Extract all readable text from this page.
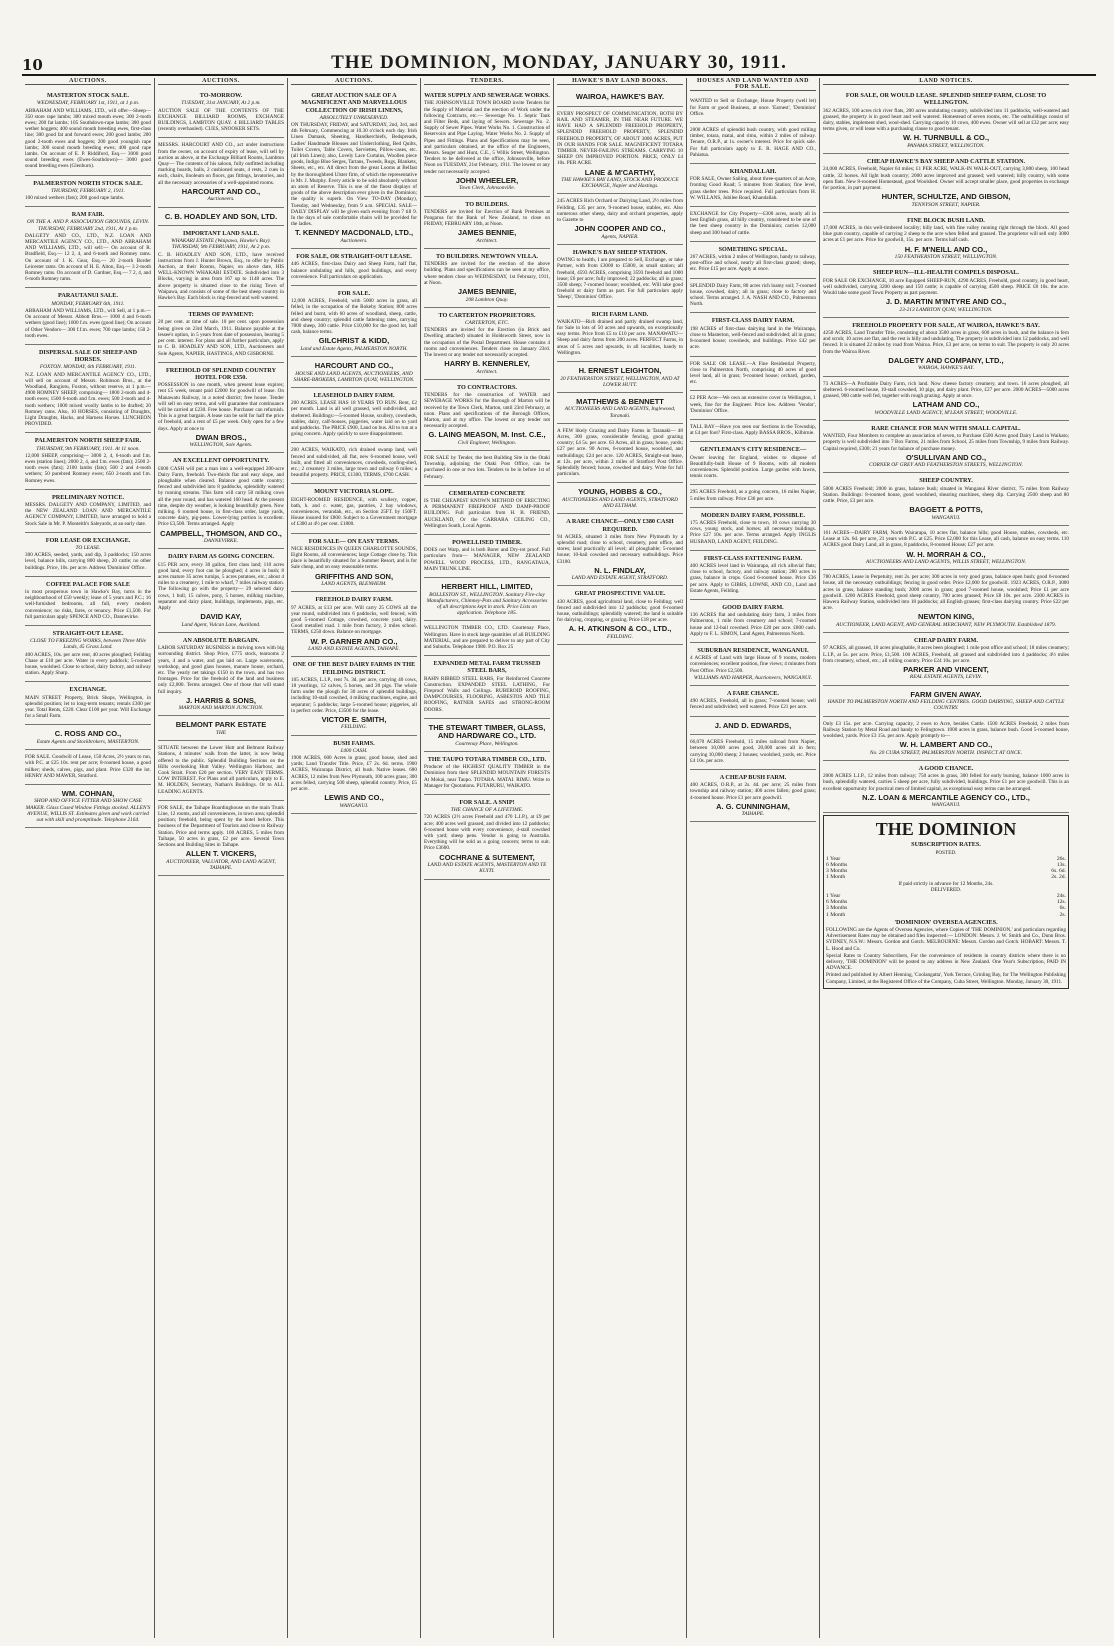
10	THE DOMINION, MONDAY, JANUARY 30, 1911.
AUCTIONS.
MASTERTON STOCK SALE.
WEDNESDAY, FEBRUARY 1st, 1911, at 1 p.m.
ABRAHAM AND WILLIAMS, LTD., will offer—Sheep— 350 store rape lambs; 300 mixed mouth ewes; 300 2-tooth ewes; 200 fat lambs; 105 Southdown-rape lambs; 300 good wether hoggets; 400 sound mouth breeding ewes, first-class line; 300 good fat and forward ewes; 200 good lambs; 200 good 2-tooth ewes and hoggets; 200 good youngish rape lambs; 300 sound mouth breeding ewes; 400 good rape lambs. On account of E. P. Riddiford, Esq.— 3000 good sound breeding ewes (Ewes-Southdown)— 3000 good sound breeding ewes (Glenburn).
PALMERSTON NORTH STOCK SALE.
THURSDAY, FEBRUARY 2, 1911.
100 mixed wethers (fats); 200 good rape lambs.
RAM FAIR.
ON THE A. AND P. ASSOCIATION GROUNDS, LEVIN. THURSDAY, FEBRUARY 2nd, 1911, At 1 p.m.
DALGETY AND CO., LTD., N.Z. LOAN AND MERCANTILE AGENCY CO., LTD., AND ABRAHAM AND WILLIAMS, LTD., will sell:— On account of R. Bradfield, Esq.— 12 2, 4, and 6-tooth and Romney rams. On account of J. K. Gear, Esq.— 20 2-tooth Border Leicester rams. On account of H. E. Alton, Esq.— 3 2-tooth Romney rams. On account of D. Gardner, Esq.— 7 2, 4, and 6-tooth Romney rams.
PARAUTANUI SALE.
MONDAY, FEBRUARY 6th, 1911.
ABRAHAM AND WILLIAMS, LTD., will Sell, at 1 p.m.— On account of Messrs. Abbott Bros.— 1000 4 and 6-tooth wethers (good line); 1000 f.m. ewes (good line); On account of Other Vendors— 300 f.f.m. ewes; 700 rape lambs; 150 2-tooth ewes.
DISPERSAL SALE OF SHEEP AND HORSES.
FOXTON. MONDAY, 6th FEBRUARY, 1911.
N.Z. LOAN AND MERCANTILE AGENCY CO., LTD., will sell on account of Messrs. Robinson Bros., at the Woodland, Rangiotu, Foxton, without reserve, at 1 p.m.— 4900 ROMNEY SHEEP, comprising— 1800 2-tooth and 4-tooth ewes; 1500 6-tooth and f.m. ewes; 500 2-tooth and 4-tooth wethers; 1000 mixed woolly lambs to be drafted; 20 Romney rams. Also, 10 HORSES, consisting of Draughts, Light Draughts, Hacks, and Harness Horses. LUNCHEON PROVIDED.
PALMERSTON NORTH SHEEP FAIR.
THURSDAY, 9th FEBRUARY, 1911. At 11 noon.
12,000 SHEEP, comprising— 3000 2, 4, 6-tooth and f.m. ewes (station lines); 2000 2, 4, and f.m. ewes (fats); 2500 2-tooth ewes (fats); 2100 lambs (fats); 500 2 and 4-tooth wethers; 50 purebred Romney ewes; 650 2-tooth and f.m. Romney ewes.
PRELIMINARY NOTICE.
MESSRS. DALGETY AND COMPANY, LIMITED, and the NEW ZEALAND LOAN AND MERCANTILE AGENCY COMPANY, LIMITED, have arranged to hold a Stock Sale in Mr. P. Monteith's Saleyards, at an early date.
FOR LEASE OR EXCHANGE.
TO LEASE.
300 ACRES, seeded, yards, and dip, 3 paddocks; 150 acres level, balance hills, carrying 800 sheep, 20 cattle; no other buildings. Price, 10s. per acre. Address 'Dominion' Office.
COFFEE PALACE FOR SALE
in most prosperous town in Hawke's Bay, turns in the neighbourhood of £50 weekly; lease of 5 years and P.C.; 16 well-furnished bedrooms, all full, every modern convenience; no risks, fares, or tenancy. Price £1,500. For full particulars apply SPENCE AND CO., Dannevirke.
STRAIGHT-OUT LEASE.
CLOSE TO FREEZING WORKS, between Three Mile Lands, 45 Grass Land.
400 ACRES, 10s. per acre rent, 40 acres ploughed; Feilding Chase at £10 per acre. Water in every paddock; 5-roomed house, woolshed. Close to school, dairy factory, and railway station. Apply Sharp.
EXCHANGE.
MAIN STREET Property, Brick Shops, Wellington, in splendid position; let to long-term tenants; rentals £300 per year. Total Rents, £220. Clear £100 per year. Will Exchange for a Small Farm.
C. ROSS AND CO.,
Estate Agents and Stockbrokers, MASTERTON.
FOR SALE. Goodwill of Lease, 150 Acres, 2½ years to run, with P.C. at £25 10s. rent per acre; 8-roomed house, a good milker; sheds, calves, pigs, and plant. Price £320 the lot. HENRY AND MAWER, Stratford.
WM. COHNAN,
SHOP AND OFFICE FITTER AND SHOW CASE MAKER. Glass Cased Window Fittings stocked. ALLEN'S AVENUE, WILLIS ST. Estimates given and work carried out with skill and promptitude. Telephone 2164.
AUCTIONS.
TO-MORROW.
TUESDAY, 31st JANUARY, At 2 p.m.
AUCTION SALE OF THE CONTENTS OF THE EXCHANGE BILLIARD ROOMS, EXCHANGE BUILDINGS, LAMBTON QUAY. 4 BILLIARD TABLES (recently overhauled). CUES, SNOOKER SETS.
MESSRS. HARCOURT AND CO., act under instructions from the owner, on account of expiry of lease, will sell by auction as above, at the Exchange Billiard Rooms, Lambton Quay— The contents of his saloon, fully outfitted including marking boards, balls, 2 cushioned seats, 4 rests, 2 cues in each, chairs, linoleum on floors, gas fittings, lavatories, and all the necessary accessories of a well-appointed rooms.
HARCOURT AND CO.,
Auctioneers.
C. B. HOADLEY AND SON, LTD.
IMPORTANT LAND SALE.
WHAKARI ESTATE (Waipawa, Hawke's Bay). THURSDAY, 9th FEBRUARY, 1911, At 2 p.m.
C. B. HOADLEY AND SON, LTD., have received instructions from J. Hunter Brown, Esq., to offer by Public Auction, at their Rooms, Napier, on above date, HIS WELL-KNOWN WHAKARI ESTATE. Subdivided into 3 Blocks, varying in area from 167 up to 1148 acres. The above property is situated close to the rising Town of Waipawa, and consists of some of the best sheep country in Hawke's Bay. Each block is ring-fenced and well watered.
TERMS OF PAYMENT:
20 per cent. at time of sale. 10 per cent. upon possession being given on 23rd March, 1911. Balance payable at the lessee's option, in 5 years from date of possession, bearing 5 per cent. interest. For plans and all further particulars, apply to C. B. HOADLEY AND SON, LTD., Auctioneers and Sole Agents, NAPIER, HASTINGS, AND GISBORNE.
FREEHOLD OF SPLENDID COUNTRY HOTEL FOR £350.
POSSESSION in one month, when present lease expires; rent £5 week, tenant paid £2000 for goodwill of lease. On Manawatu Railway, in a noted district; free house. Tender will sell on easy terms, and will guarantee that continuance will be carried at £230. Free house. Purchaser can refurnish. This is a great bargain. A lease can be sold for half the price of freehold, and a rent of £5 per week. Only open for a few days. Apply at once to
DWAN BROS.,
WELLINGTON, Sole Agents.
AN EXCELLENT OPPORTUNITY.
£600 CASH will put a man into a well-equipped 200-acre Dairy Farm, freehold. Two-thirds flat and easy slope, and ploughable when cleared. Balance good cattle country; fenced and subdivided into 8 paddocks, splendidly watered by running streams. This farm will carry 50 milking cows all the year round, and has watered 160 head. At the present time, despite dry weather, is looking beautifully green. Now milking. 6 roomed house, in first-class order, large yards, concrete dairy, pig-pens. Lower-lying portion is excellent. Price £3,500. Terms arranged. Apply
CAMPBELL, THOMSON, AND CO.,
DANNEVIRKE.
DAIRY FARM AS GOING CONCERN.
£15 PER acre, every 30 gallon, first class land; 110 acres good land, every foot can be ploughed; 4 acres in bush; 8 acres mature 35 acres turnips, 5 acres potatoes, etc.; about 4 miles to a creamery, 1 mile to wharf, 7 miles railway station. The following go with the property— 29 selected dairy cows, 1 bull, 15 calves, pony, 5 horses, milking machine, separator and dairy plant, buildings, implements, pigs, etc. Apply
DAVID KAY,
Land Agent, Vulcan Lane, Auckland.
AN ABSOLUTE BARGAIN.
LABOR SATURDAY BUSINESS in thriving town with big surrounding district. Shop Price, £775 stock, tearooms 2 years, 4 and a water, and gas laid on. Large warerooms, workshop, and good glass houses, manure house, orchard, etc. The yearly net takings £150 in the town, and has two frontages. Price for the freehold of the land and business only £2,000. Terms arranged. One of those that will stand full inquiry.
J. HARRIS & SONS,
MARTON AND MARTON JUNCTION.
BELMONT PARK ESTATE
THE
SITUATE between the Lower Hutt and Belmont Railway Stations, 4 minutes' walk from the latter, is now being offered to the public. Splendid Building Sections on the Hills overlooking Hutt Valley. Wellington Harbour, and Cook Strait. From £20 per section. VERY EASY TERMS. LOW INTEREST. For Plans and all particulars, apply to E. M. HOLDEN, Secretary, Nathan's Buildings. Or to ALL LEADING AGENTS.
FOR SALE, the Taihape Boardinghouse on the main Trunk Line, 12 rooms, and all conveniences, in town area; splendid position; freehold, being spent by the hotel before. This business of the Department of Tourists and close to Railway Station. Price and terms apply. 100 ACRES, 5 miles from Taihape, 50 acres in grass, £2 per acre. Several Town Sections and Building Sites in Taihape.
ALLEN T. VICKERS,
AUCTIONEER, VALUATOR, AND LAND AGENT, TAIHAPE.
AUCTIONS.
GREAT AUCTION SALE OF A MAGNIFICENT AND MARVELLOUS COLLECTION OF IRISH LINENS,
ABSOLUTELY UNRESERVED.
ON THURSDAY, FRIDAY, and SATURDAY, 2nd, 3rd, and 4th February, Commencing at 10.30 o'clock each day. Irish Linen Damask, Sheeting, Handkerchiefs, Bedspreads, Ladies' Handmade Blouses and Underclothing, Bed Quilts, Toilet Covers, Table Covers, Serviettes, Pillow-cases, etc. (all Irish Linen); also, Lovely Lace Curtains, Woollen piece goods, Indigo Blue Serges, Tartans, Tweeds, Rugs, Blankets, Sheets, etc., etc. All direct from the great Looms at Belfast by the thoroughbred Ulster firm, of which the representative is Mr. J. Murphy. Every article to be sold absolutely without an atom of Reserve. This is one of the finest displays of goods of the above description ever given in the Dominion; the quality is superb. On View TO-DAY (Monday), Tuesday, and Wednesday, from 9 a.m. SPECIAL SALE—DAILY DISPLAY will be given each evening from 7 till 9. In the days of sale comfortable chairs will be provided for the ladies.
T. KENNEDY MACDONALD, LTD.,
Auctioneers.
FOR SALE, OR STRAIGHT-OUT LEASE.
446 ACRES, first-class Dairy and Sheep Farm, half flat, balance undulating and hills, good buildings, and every convenience. Full particulars on application.
FOR SALE.
12,000 ACRES, Freehold, with 5000 acres in grass, all felled, in the occupation of the Rokeby Station; 800 acres felled and burnt, with 60 acres of woodland, sheep, cattle, and sheep country; splendid cattle fattening rates, carrying 7000 sheep, 300 cattle. Price £10,000 for the good lot, half cash, balance terms.
GILCHRIST & KIDD,
Land and Estate Agents, PALMERSTON NORTH.
HARCOURT AND CO.,
HOUSE AND LAND AGENTS, AUCTIONEERS, AND SHARE-BROKERS, LAMBTON QUAY, WELLINGTON.
LEASEHOLD DAIRY FARM.
200 ACRES, LEASE HAS 18 YEARS TO RUN. Rent, £2 per month. Land is all well grassed, well subdivided, and sheltered. Buildings:—5-roomed House, scullery, cowsheds, stables, dairy, calf-houses, piggeries, water laid on to yard and paddocks. The PRICE £900, Land on bus. All to run at a going concern. Apply quickly to save disappointment.
200 ACRES, WAIKATO, rich drained swamp land, well fenced and subdivided, all flat, new 6-roomed house, well built, and fitted all conveniences, cowsheds, cooling-shed, etc.; 2 creamery 3 miles, large town and railway 6 miles; a beautiful property. PRICE, £1300, TERMS, £700 CASH.
MOUNT VICTORIA SLOPE.
EIGHT-ROOMED RESIDENCE, with scullery, copper, bath, h. and c. water, gas, pantries, 2 bay windows, conveniences, verandah, etc., on Section 25FT. by 150FT. House insured for £800. Subject to a Government mortgage of £300 at 4½ per cent. £1800.
FOR SALE— ON EASY TERMS.
NICE RESIDENCES IN QUEEN CHARLOTTE SOUNDS, Eight Rooms, all conveniences; large Cottage close by. This place is beautifully situated for a Summer Resort, and is for Sale cheap, and on easy reasonable terms.
GRIFFITHS AND SON,
LAND AGENTS, BLENHEIM.
FREEHOLD DAIRY FARM.
97 ACRES, at £13 per acre. Will carry 25 COWS all the year round, subdivided into 6 paddocks, well fenced, with good 5-roomed Cottage, cowshed, concrete yard, dairy. Good metalled road. 1 mile from factory, 2 miles school. TERMS, £250 down. Balance on mortgage.
W. P. GARNER AND CO.,
LAND AND ESTATE AGENTS, TAIHAPE.
ONE OF THE BEST DAIRY FARMS IN THE FEILDING DISTRICT.
105 ACRES, L.I.P., rent 7s. 3d. per acre, carrying 40 cows, 18 yearlings, 12 calves, 5 horses, and 20 pigs. The whole farm under the plough for 30 acres of splendid buildings, including 10-stall cowshed, 4 milking machines, engine, and separator; 5 paddocks; large 5-roomed house; piggeries, all in perfect order. Price, £3500 for the lease.
VICTOR E. SMITH,
FEILDING.
BUSH FARMS.
£400 CASH.
1900 ACRES, 600 Acres in grass; good house, shed and yards; Land Transfer Title. Price, £7 2s. 6d. terms. 1900 ACRES, Wairarapa District, all bush. Native leases. 680 ACRES, 12 miles from New Plymouth, 100 acres grass; 300 acres felled, carrying 500 sheep, splendid country. Price, £5 per acre.
LEWIS AND CO.,
WANGANUI.
TENDERS.
WATER SUPPLY AND SEWERAGE WORKS.
THE JOHNSONVILLE TOWN BOARD invite Tenders for the Supply of Material and the erection of Work under the following Contracts, etc.— Sewerage No. 1. Septic Tank and Filter Beds, and laying of Sewers. Sewerage No. 2. Supply of Sewer Pipes. Water Works No. 1. Construction of Reservoirs and Pipe Laying. Water Works No. 2. Supply of Pipes and Fittings. Plans and Specifications may be seen, and particulars obtained, at the office of the Engineers, Messrs. Seager and Hunt, C.E., 5 Willis Street, Wellington. Tenders to be delivered at the office, Johnsonville, before Noon on TUESDAY, 21st February, 1911. The lowest or any tender not necessarily accepted.
JOHN WHEELER,
Town Clerk, Johnsonville.
TO BUILDERS.
TENDERS are invited for Erection of Bank Premises at Pongaroa for the Bank of New Zealand, to close on FRIDAY, FEBRUARY 10th, at Noon.
JAMES BENNIE,
Architect.
TO BUILDERS. NEWTOWN VILLA.
TENDERS are invited for the erection of the above building. Plans and specifications can be seen at my office, where tenders close on WEDNESDAY, 1st February, 1911, at Noon.
JAMES BENNIE,
208 Lambton Quay.
TO CARTERTON PROPRIETORS.
CARTERTON, ETC.
TENDERS are invited for the Erection (in Brick and Dwelling attached) situated in Holdsworth Street, now in the occupation of the Postal Department. House contains 4 rooms and conveniences. Tenders close on January 23rd. The lowest or any tender not necessarily accepted.
HARRY B. KENNERLEY,
Architect.
TO CONTRACTORS.
TENDERS for the construction of WATER and SEWERAGE WORKS for the Borough of Marton will be received by the Town Clerk, Marton, until 23rd February, at noon. Plans and specifications of the Borough Offices, Marton, and at my office. The lowest or any tender not necessarily accepted.
G. LAING MEASON, M. Inst. C.E.,
Civil Engineer, Wellington.
FOR SALE by Tender, the best Building Site in the Otaki Township, adjoining the Otaki Post Office, can be purchased in one or two lots. Tenders to be in before 1st of February.
CEMERATED CONCRETE
IS THE CHEAPEST KNOWN METHOD OF ERECTING A PERMANENT FIREPROOF AND DAMP-PROOF BUILDING. Full particulars from H. B. FRIEND, AUCKLAND, Or the CARRARA CEILING CO., Wellington South, Local Agents.
POWELLISED TIMBER.
DOES not Warp, and is both Borer and Dry-rot proof. Full particulars from— MANAGER, NEW ZEALAND POWELL WOOD PROCESS, LTD., RANGATAUA, MAIN TRUNK LINE.
HERBERT HILL, LIMITED,
BOLLESTON ST., WELLINGTON. Sanitary Fire-clay Manufacturers, Chimney-Pots and Sanitary Accessories of all descriptions kept in stock. Price Lists on application. Telephone 185.
WELLINGTON TIMBER CO., LTD. Courtenay Place, Wellington. Have in stock large quantities of all BUILDING MATERIAL, and are prepared to deliver to any part of City and Suburbs. Telephone 1980. P.O. Box 25
EXPANDED METAL FARM TRUSSED STEEL BARS,
RAHN RIBBED STEEL BARS, For Reinforced Concrete Construction. EXPANDED STEEL LATHING, For Fireproof Walls and Ceilings. RUBEROID ROOFING, DAMPCOURSES, FLOORING, ASBESTOS AND TILE ROOFING, RATNER SAFES and STRONG-ROOM DOORS.
THE STEWART TIMBER, GLASS, AND HARDWARE CO., LTD.
Courtenay Place, Wellington.
THE TAUPO TOTARA TIMBER CO., LTD.
Producer of the HIGHEST QUALITY TIMBER in the Dominion from their SPLENDID MOUNTAIN FORESTS At Mokai, near Taupo. TOTARA. MATAI. RIMU. Write to Manager for Quotations. PUTARURU, WAIKATO.
FOR SALE. A SNIP!
THE CHANCE OF A LIFETIME.
720 ACRES (2½ acres Freehold and 470 L.I.P.), at £9 per acre; 400 acres well grassed, and divided into 12 paddocks; 6-roomed house with every convenience, 4-stall cowshed with yard; sheep pens. Vendor is going to Australia. Everything will be sold as a going concern; terms to suit. Price £3600.
COCHRANE & SUTEMENT,
LAND AND ESTATE AGENTS, MASTERTON AND TE KUITI.
HAWKE'S BAY LAND BOOKS.
WAIROA, HAWKE'S BAY.
EVERY PROSPECT OF COMMUNICATION, BOTH BY RAIL AND STEAMER, IN THE NEAR FUTURE. WE HAVE HAD A SPLENDID FREEHOLD PROPERTY, SPLENDID FREEHOLD PROPERTY, SPLENDID FREEHOLD PROPERTY, OF ABOUT 3000 ACRES, PUT IN OUR HANDS FOR SALE. MAGNIFICENT TOTARA TIMBER. NEVER-FAILING STREAMS. CARRYING 10 SHEEP ON IMPROVED PORTION. PRICE, ONLY £4 10s. PER ACRE.
LANE & M'CARTHY,
THE HAWKE'S BAY LAND, STOCK AND PRODUCE EXCHANGE, Napier and Hastings.
245 ACRES Rich Orchard or Dairying Land, 2½ miles from Feilding, £35 per acre, 9-roomed house, stables, etc. Also numerous other sheep, dairy and orchard properties, apply to Gazette to
JOHN COOPER AND CO.,
Agents, NAPIER.
HAWKE'S BAY SHEEP STATION.
OWING to health, I am prepared to Sell, Exchange, or take Partner, with from £3000 to £5000, in small station; all freehold, 4593 ACRES, comprising 3593 freehold and 1000 lease; £6 per acre; fully improved; 22 paddocks; all in grass; 3500 sheep; 7-roomed house; woolshed, etc. Will take good freehold or dairy farm as part. For full particulars apply 'Sheep', 'Dominion' Office.
RICH FARM LAND.
WAIKATO—Rich drained and partly drained swamp land, for Sale in lots of 50 acres and upwards, on exceptionally easy terms. Price from £5 to £10 per acre. MANAWATU—Sheep and dairy farms from 200 acres. PERFECT Farms, in areas of 5 acres and upwards, in all localities, handy to Wellington.
H. ERNEST LEIGHTON,
20 FEATHERSTON STREET, WELLINGTON, AND AT LOWER HUTT.
MATTHEWS & BENNETT
AUCTIONEERS AND LAND AGENTS, Inglewood, Taranaki.
A FEW likely Grazing and Dairy Farms in Taranaki— 48 Acres, 300 grass, considerable fencing, good grazing country; £4 5s. per acre. 63 Acres, all in grass; house, yards; £27 per acre. 90 Acres, 6-roomed house, woolshed, and outbuildings; £24 per acre. 120 ACRES, Straight-out lease, at 12s. per acre, within 2 miles of Stratford Post Office. Splendidly fenced; house, cowshed and dairy. Write for full particulars.
YOUNG, HOBBS & CO.,
AUCTIONEERS AND LAND AGENTS, STRATFORD AND ELTHAM.
A RARE CHANCE—ONLY £380 CASH REQUIRED.
94 ACRES, situated 3 miles from New Plymouth by a splendid road; close to school, creamery, post office, and stores; land practically all level; all ploughable; 5-roomed house; 10-bail cowshed and necessary outbuildings. Price £3100.
N. L. FINDLAY,
LAND AND ESTATE AGENT, STRATFORD.
GREAT PROSPECTIVE VALUE.
430 ACRES, good agricultural land, close to Feilding; well fenced and subdivided into 12 paddocks; good 6-roomed house, outbuildings; splendidly watered; the land is suitable for dairying, cropping, or grazing. Price £18 per acre.
A. H. ATKINSON & CO., LTD.,
FEILDING.
HOUSES AND LAND WANTED AND FOR SALE.
WANTED to Sell or Exchange, House Property (well let) for Farm or good Business, at once. 'Earnest', 'Dominion' Office.
2000 ACRES of splendid bush country, with good milling timber, totara, matai, and rimu, within 2 miles of railway. Tenure, O.R.P., at 1s. owner's interest. Price for quick sale. For full particulars apply to E. R. HAGE AND CO., Pahiatua.
KHANDALLAH.
FOR SALE, Owner Sailing, about three-quarters of an Acre, fronting Good Road; 5 minutes from Station; fine level, grass shelter trees. Price required. Full particulars from H. W. WILLANS, Jubilee Road, Khandallah.
EXCHANGE for City Property—£300 acres, nearly all in best English grass, all hilly country, considered to be one of the best sheep country in the Dominion; carries 12,000 sheep and 300 head of cattle.
SOMETHING SPECIAL.
267 ACRES, within 2 miles of Wellington, handy to railway, post-office and school, nearly all first-class grazed; sheep, etc. Price £15 per acre. Apply at once.
SPLENDID Dairy Farm, 80 acres rich loamy soil; 7-roomed house, cowshed, dairy; all in grass; close to factory and school. Terms arranged. J. A. NASH AND CO., Palmerston North.
FIRST-CLASS DAIRY FARM.
198 ACRES of first-class dairying land in the Wairarapa, close to Masterton, well-fenced and subdivided; all in grass; 8-roomed house; cowsheds, and buildings. Price £42 per acre.
FOR SALE OR LEASE.—A Fine Residential Property, close to Palmerston North, comprising 40 acres of good level land, all in grass; 9-roomed house; orchard, garden, etc.
£2 PER Acre—We own an extensive cover in Wellington, 1 week, fine for the Engineer. Price low. Address 'Vendor', 'Dominion' Office.
TALL BAY—Have you seen our Sections in the Township, at £4 per foot? First-class. Apply BASSA BROS., Kilbirnie.
GENTLEMAN'S CITY RESIDENCE—
Owner leaving for England, wishes to dispose of Beautifully-built House of 9 Rooms, with all modern conveniences. Splendid position. Large garden with lawns, tennis courts.
295 ACRES Freehold, as a going concern, 16 miles Napier, 5 miles from railway. Price £36 per acre.
MODERN DAIRY FARM, POSSIBLE.
175 ACRES Freehold, close to town, 10 cows carrying 30 cows, young stock, and horses; all necessary buildings. Price £27 10s. per acre. Terms arranged. Apply INGLIS HUSBAND, LAND AGENT, FEILDING.
FIRST-CLASS FATTENING FARM.
400 ACRES level land in Wairarapa, all rich alluvial flats; close to school, factory, and railway station; 280 acres in grass, balance in crops. Good 6-roomed house. Price £36 per acre. Apply to GIBBS, LOWNE, AND CO., Land and Estate Agents, Feilding.
GOOD DAIRY FARM.
136 ACRES flat and undulating dairy farm, 3 miles from Palmerston, 1 mile from creamery and school; 7-roomed house and 12-bail cowshed. Price £20 per acre. £800 cash. Apply to F. L. SIMON, Land Agent, Palmerston North.
SUBURBAN RESIDENCE, WANGANUI.
4 ACRES of Land with large House of 9 rooms, modern conveniences; excellent position, fine views; 4 minutes from Post Office. Price £2,500.
WILLIAMS AND HARPER, Auctioneers, WANGANUI.
A FARE CHANCE.
490 ACRES, Freehold, all in grass; 7-roomed house; well fenced and subdivided; well watered. Price £21 per acre.
J. AND D. EDWARDS,
66,070 ACRES Freehold, 15 miles railroad from Napier, between 10,000 acres good, 20,000 acres all in fern; carrying 10,000 sheep; 2 houses; woolshed, yards, etc. Price £4 10s. per acre.
A CHEAP BUSH FARM.
400 ACRES, O.R.P., at 2s. 4d. per acre; 25 miles from township and railway station; 400 acres fallen; good grass; 4-roomed house. Price £1 per acre goodwill.
A. G. CUNNINGHAM,
TAIHAPE.
LAND NOTICES.
FOR SALE, OR WOULD LEASE. SPLENDID SHEEP FARM, CLOSE TO WELLINGTON.
362 ACRES, 100 acres rich river flats, 200 acres undulating country, subdivided into 11 paddocks, well-watered and grassed, the property is in good heart and well watered. Homestead of seven rooms, etc. The outbuildings consist of dairy, stables, implement shed, wool-shed. Carrying capacity 10 cows, 400 ewes. Owner will sell at £32 per acre; easy terms given, or will lease with a purchasing clause to good tenant.
W. H. TURNBULL & CO.,
PANAMA STREET, WELLINGTON.
CHEAP HAWKE'S BAY SHEEP AND CATTLE STATION.
24,000 ACRES, Freehold, Napier 64 miles; £1 PER ACRE, WALK-IN WALK-OUT, carrying 3,800 sheep, 100 head cattle, 32 horses. All light bush country; 2000 acres improved and grassed; well watered; hilly country, with some open flats. New 8-roomed Homestead, good Woolshed. Owner will accept smaller place, good properties in exchange for portion, in part payment.
HUNTER, SCHULTZE, AND GIBSON,
TENNYSON STREET, NAPIER.
FINE BLOCK BUSH LAND.
17,000 ACRES, in this well-timbered locality; hilly land, with fine valley running right through the block. All good blue gum country, capable of carrying 2 sheep to the acre when felled and grassed. The proprietor will sell only 3000 acres at £1 per acre. Price for goodwill, 15s. per acre. Terms half cash.
H. F. M'NEILL AND CO.,
150 FEATHERSTON STREET, WELLINGTON.
SHEEP RUN—ILL-HEALTH COMPELS DISPOSAL.
FOR SALE OR EXCHANGE, 10 acre Equipped SHEEP-RUN, 4290 ACRES, Freehold, good country, in good heart, well subdivided, carrying 3200 sheep and 150 cattle; is capable of carrying 4500 sheep. PRICE £8 10s. the acre. Would take some good Town Property as part payment.
J. D. MARTIN M'INTYRE AND CO.,
23-213 LAMBTON QUAY, WELLINGTON.
FREEHOLD PROPERTY FOR SALE, AT WAIROA, HAWKE'S BAY.
4250 ACRES, Land Transfer Title, consisting of about 3500 acres in grass, 600 acres in bush, and the balance in fern and scrub; 10 acres are flat, and the rest is hilly and undulating. The property is subdivided into 12 paddocks, and well fenced. It is situated 22 miles by road from Wairoa. Price, £3 per acre, on terms to suit. The property is only 20 acres from the Wairoa River.
DALGETY AND COMPANY, LTD.,
WAIROA, HAWKE'S BAY.
73 ACRES—A Profitable Dairy Farm, rich land. Now cheese factory creamery, and town. 16 acres ploughed, all sheltered. 6-roomed house, 10-stall cowshed, 10 pigs, and dairy plant. Price, £27 per acre. 2000 ACRES—5000 acres grassed, 900 cattle well fed, together with rough grazing. Apply at once.
LATHAM AND CO.,
WOODVILLE LAND AGENCY, M'LEAN STREET, WOODVILLE.
RARE CHANCE FOR MAN WITH SMALL CAPITAL.
WANTED, Four Members to complete an association of seven, to Purchase £500 Acres good Dairy Land in Waikato; property is well subdivided into 7 Box Farms, 21 miles from School, 25 miles from Township, 9 miles from Railway. Capital required, £300; 21 years for balance of purchase money.
O'SULLIVAN AND CO.,
CORNER OF GREY AND FEATHERSTON STREETS, WELLINGTON.
SHEEP COUNTRY.
5000 ACRES Freehold; 2000 in grass, balance bush; situated in Wanganui River district, 75 miles from Railway Station. Buildings: 8-roomed house, good woolshed, shearing machines, sheep dip. Carrying 2500 sheep and 80 cattle. Price, £3 per acre.
BAGGETT & POTTS,
WANGANUI.
161 ACRES—DAIRY FARM, North Wairarapa, 10 acres flat, balance hills; good House, stables, cowsheds, etc. Lease at 12s. 6d. per acre, 21 years with P.C. at £25. Price £2,000 for this Lease, all cash, balance on easy terms. 110 ACRES good Dairy Land, all in grass, 8 paddocks, 8-roomed House; £27 per acre.
W. H. MORRAH & CO.,
AUCTIONEERS AND LAND AGENTS, WILLIS STREET, WELLINGTON.
780 ACRES, Lease in Perpetuity, rent 2s. per acre; 300 acres in very good grass, balance open bush; good 6-roomed house, all the necessary outbuildings; fencing in good order. Price £2,000 for goodwill. 1923 ACRES, O.R.P., 3000 acres in grass, balance standing bush; 2000 acres in grass; good 7-roomed house, woolshed; Price £1 per acre goodwill. 1200 ACRES Freehold, good sheep country, 700 acres grassed; Price £8 10s. per acre. 2300 ACRES in Hawera Railway Station, subdivided into 18 paddocks; all English grasses; first-class dairying country. Price £22 per acre.
NEWTON KING,
AUCTIONEER, LAND AGENT, AND GENERAL MERCHANT, NEW PLYMOUTH. Established 1879.
CHEAP DAIRY FARM.
97 ACRES, all grassed, 10 acres ploughable, 8 acres been ploughed; 1 mile post office and school; 18 miles creamery; L.I.P., at 5s. per acre. Price, £1,500. 100 ACRES, Freehold, all grassed and subdivided into 4 paddocks; 4½ miles from creamery, school, etc.; all rolling country. Price £24 10s. per acre.
PARKER AND VINCENT,
REAL ESTATE AGENTS, LEVIN.
FARM GIVEN AWAY.
HANDY TO PALMERSTON NORTH AND FEILDING CENTRES. GOOD DAIRYING, SHEEP AND CATTLE COUNTRY.
Only £3 15s. per acre. Carrying capacity, 2 ewes to Acre, besides Cattle. 1500 ACRES Freehold, 2 miles from Railway Station by Metal Road and handy to Felingtown. 1000 acres in grass, balance bush. Good 5-roomed house, woolshed, yards. Price £3 15s. per acre. Apply promptly to—
W. H. LAMBERT AND CO.,
No. 20 CUBA STREET, PALMERSTON NORTH. INSPECT AT ONCE.
A GOOD CHANCE.
2000 ACRES L.I.P., 12 miles from railway; 750 acres in grass, 300 felled for early burning, balance 1000 acres in bush, splendidly watered, carries 5 sheep per acre, fully subdivided, buildings. Price £1 per acre goodwill. This is an excellent opportunity for practical men of limited capital, as exceptional easy terms can be arranged.
N.Z. LOAN & MERCANTILE AGENCY CO., LTD.,
WANGANUI.
THE DOMINION
SUBSCRIPTION RATES.
POSTED.
1 Year	26s.
6 Months	13s.
3 Months	6s. 6d.
1 Month	2s. 2d.
If paid strictly in advance for 12 Months, 24s.
DELIVERED.
1 Year	24s.
6 Months	12s.
3 Months	6s.
1 Month	2s.
'DOMINION' OVERSEA AGENCIES.
FOLLOWING are the Agents of Oversea Agencies, where Copies of 'THE DOMINION,' and particulars regarding Advertisement Rates may be obtained and files inspected:— LONDON: Messrs. J. W. Smith and Co., Dunn Bros. SYDNEY, N.S.W.: Messrs. Gordon and Gotch. MELBOURNE: Messrs. Gordon and Gotch. HOBART: Messrs. T. L. Hood and Co.
Special Rates to Country Subscribers, For the convenience of residents in country districts where there is no delivery, 'THE DOMINION' will be posted to any address in New Zealand. One Year's Subscription, PAID IN ADVANCE.
Printed and published by Albert Henning, 'Coolangatta', York Terrace, Grinling Bay, for The Wellington Publishing Company, Limited, at the Registered Office of the Company, Cuba Street, Wellington. Monday, January 30, 1911.
